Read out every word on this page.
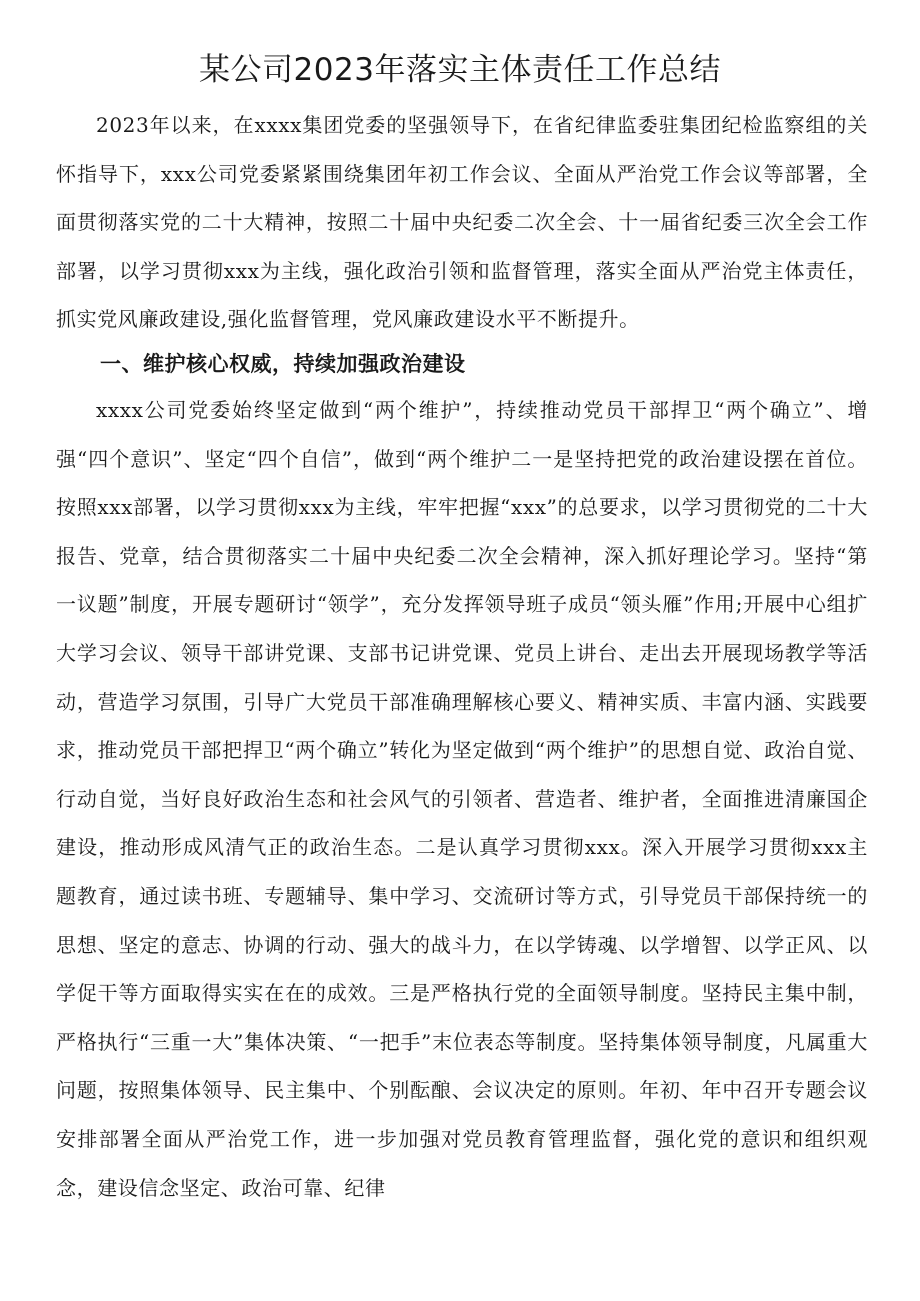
某公司2023年落实主体责任工作总结

2023年以来，在xxxx集团党委的坚强领导下，在省纪律监委驻集团纪检监察组的关怀指导下，xxx公司党委紧紧围绕集团年初工作会议、全面从严治党工作会议等部署，全面贯彻落实党的二十大精神，按照二十届中央纪委二次全会、十一届省纪委三次全会工作部署，以学习贯彻xxx为主线，强化政治引领和监督管理，落实全面从严治党主体责任，抓实党风廉政建设,强化监督管理，党风廉政建设水平不断提升。

一、维护核心权威，持续加强政治建设

xxxx公司党委始终坚定做到“两个维护”，持续推动党员干部捍卫“两个确立”、增强“四个意识”、坚定“四个自信”，做到“两个维护二一是坚持把党的政治建设摆在首位。按照xxx部署，以学习贯彻xxx为主线，牢牢把握“xxx”的总要求，以学习贯彻党的二十大报告、党章，结合贯彻落实二十届中央纪委二次全会精神，深入抓好理论学习。坚持“第一议题”制度，开展专题研讨“领学”，充分发挥领导班子成员“领头雁”作用;开展中心组扩大学习会议、领导干部讲党课、支部书记讲党课、党员上讲台、走出去开展现场教学等活动，营造学习氛围，引导广大党员干部准确理解核心要义、精神实质、丰富内涵、实践要求，推动党员干部把捍卫“两个确立”转化为坚定做到“两个维护”的思想自觉、政治自觉、行动自觉，当好良好政治生态和社会风气的引领者、营造者、维护者，全面推进清廉国企建设，推动形成风清气正的政治生态。二是认真学习贯彻xxx。深入开展学习贯彻xxx主题教育，通过读书班、专题辅导、集中学习、交流研讨等方式，引导党员干部保持统一的思想、坚定的意志、协调的行动、强大的战斗力，在以学铸魂、以学增智、以学正风、以学促干等方面取得实实在在的成效。三是严格执行党的全面领导制度。坚持民主集中制，严格执行“三重一大”集体决策、“一把手”末位表态等制度。坚持集体领导制度，凡属重大问题，按照集体领导、民主集中、个别酝酿、会议决定的原则。年初、年中召开专题会议安排部署全面从严治党工作，进一步加强对党员教育管理监督，强化党的意识和组织观念，建设信念坚定、政治可靠、纪律
